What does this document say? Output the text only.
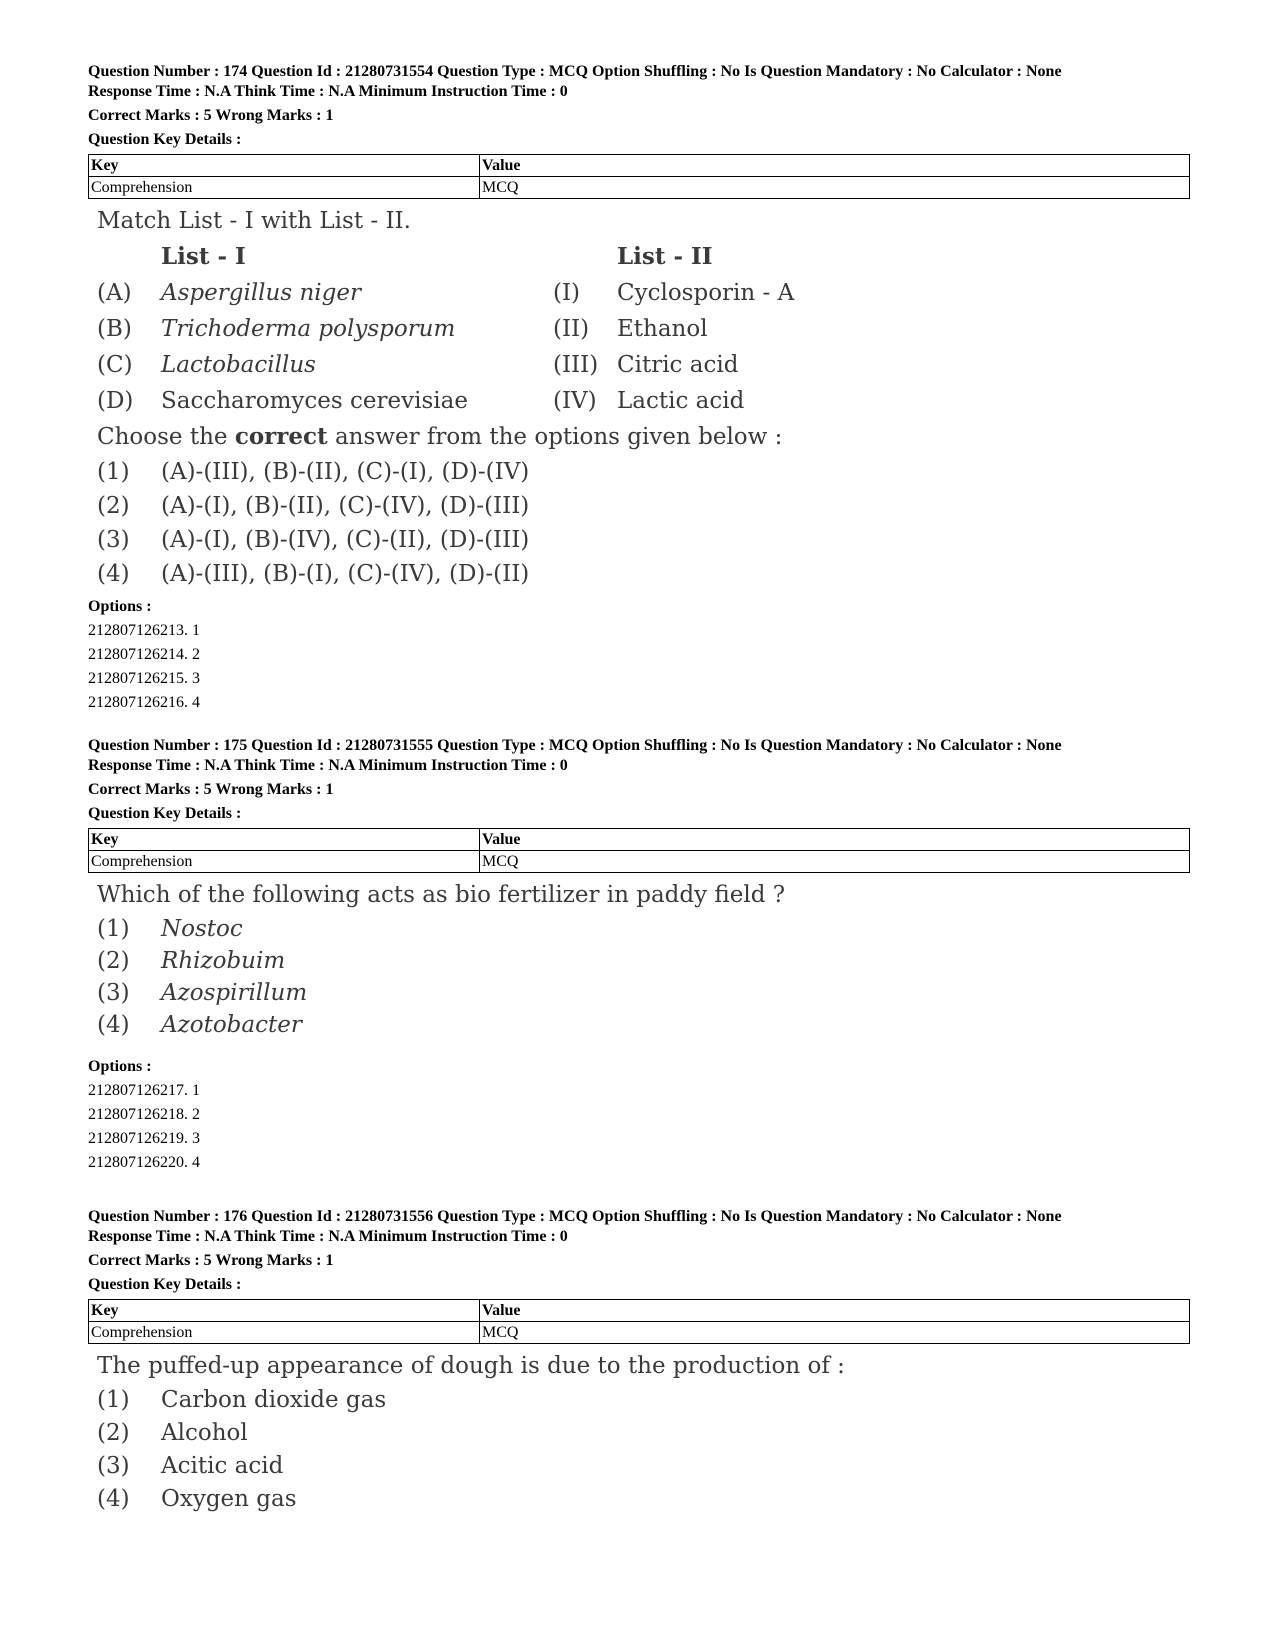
Question Number : 174 Question Id : 21280731554 Question Type : MCQ Option Shuffling : No Is Question Mandatory : No Calculator : None
Response Time : N.A Think Time : N.A Minimum Instruction Time : 0
Correct Marks : 5 Wrong Marks : 1
Question Key Details :
Key	Value
Comprehension	MCQ
Match List - I with List - II.
List - I	List - II
(A)	Aspergillus niger	(I)	Cyclosporin - A
(B)	Trichoderma polysporum	(II)	Ethanol
(C)	Lactobacillus	(III) Citric acid
(D)	Saccharomyces cerevisiae	(IV) Lactic acid
Choose the correct answer from the options given below :
(1)	(A)-(III), (B)-(II), (C)-(I), (D)-(IV)
(2)	(A)-(I), (B)-(II), (C)-(IV), (D)-(III)
(3)	(A)-(I), (B)-(IV), (C)-(II), (D)-(III)
(4)	(A)-(III), (B)-(I), (C)-(IV), (D)-(II)
Options :
212807126213. 1
212807126214. 2
212807126215. 3
212807126216. 4
Question Number : 175 Question Id : 21280731555 Question Type : MCQ Option Shuffling : No Is Question Mandatory : No Calculator : None
Response Time : N.A Think Time : N.A Minimum Instruction Time : 0
Correct Marks : 5 Wrong Marks : 1
Question Key Details :
Key	Value
Comprehension	MCQ
Which of the following acts as bio fertilizer in paddy field ?
(1)	Nostoc
(2)	Rhizobuim
(3)	Azospirillum
(4)	Azotobacter
Options :
212807126217. 1
212807126218. 2
212807126219. 3
212807126220. 4
Question Number : 176 Question Id : 21280731556 Question Type : MCQ Option Shuffling : No Is Question Mandatory : No Calculator : None
Response Time : N.A Think Time : N.A Minimum Instruction Time : 0
Correct Marks : 5 Wrong Marks : 1
Question Key Details :
Key	Value
Comprehension	MCQ
The puffed-up appearance of dough is due to the production of :
(1)	Carbon dioxide gas
(2)	Alcohol
(3)	Acitic acid
(4)	Oxygen gas
